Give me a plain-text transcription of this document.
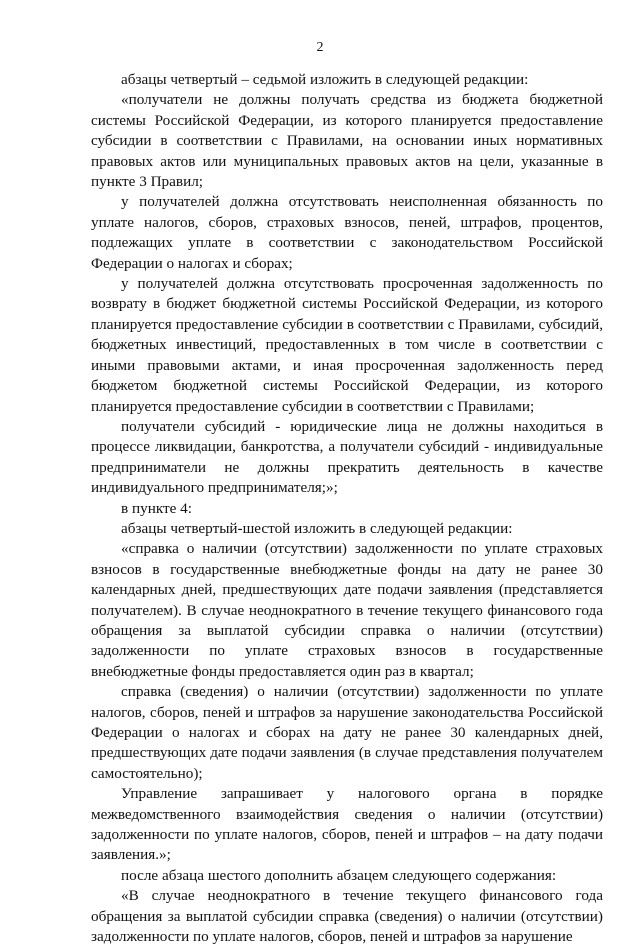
2

абзацы четвертый – седьмой изложить в следующей редакции:

«получатели не должны получать средства из бюджета бюджетной системы Российской Федерации, из которого планируется предоставление субсидии в соответствии с Правилами, на основании иных нормативных правовых актов или муниципальных правовых актов на цели, указанные в пункте 3 Правил;

у получателей должна отсутствовать неисполненная обязанность по уплате налогов, сборов, страховых взносов, пеней, штрафов, процентов, подлежащих уплате в соответствии с законодательством Российской Федерации о налогах и сборах;

у получателей должна отсутствовать просроченная задолженность по возврату в бюджет бюджетной системы Российской Федерации, из которого планируется предоставление субсидии в соответствии с Правилами, субсидий, бюджетных инвестиций, предоставленных в том числе в соответствии с иными правовыми актами, и иная просроченная задолженность перед бюджетом бюджетной системы Российской Федерации, из которого планируется предоставление субсидии в соответствии с Правилами;

получатели субсидий - юридические лица не должны находиться в процессе ликвидации, банкротства, а получатели субсидий - индивидуальные предприниматели не должны прекратить деятельность в качестве индивидуального предпринимателя;»;

в пункте 4:

абзацы четвертый-шестой изложить в следующей редакции:

«справка о наличии (отсутствии) задолженности по уплате страховых взносов в государственные внебюджетные фонды на дату не ранее 30 календарных дней, предшествующих дате подачи заявления (представляется получателем). В случае неоднократного в течение текущего финансового года обращения за выплатой субсидии справка о наличии (отсутствии) задолженности по уплате страховых взносов в государственные внебюджетные фонды предоставляется один раз в квартал;

справка (сведения) о наличии (отсутствии) задолженности по уплате налогов, сборов, пеней и штрафов за нарушение законодательства Российской Федерации о налогах и сборах на дату не ранее 30 календарных дней, предшествующих дате подачи заявления (в случае представления получателем самостоятельно);

Управление запрашивает у налогового органа в порядке межведомственного взаимодействия сведения о наличии (отсутствии) задолженности по уплате налогов, сборов, пеней и штрафов – на дату подачи заявления.»;

после абзаца шестого дополнить абзацем следующего содержания:

«В случае неоднократного в течение текущего финансового года обращения за выплатой субсидии справка (сведения) о наличии (отсутствии) задолженности по уплате налогов, сборов, пеней и штрафов за нарушение
